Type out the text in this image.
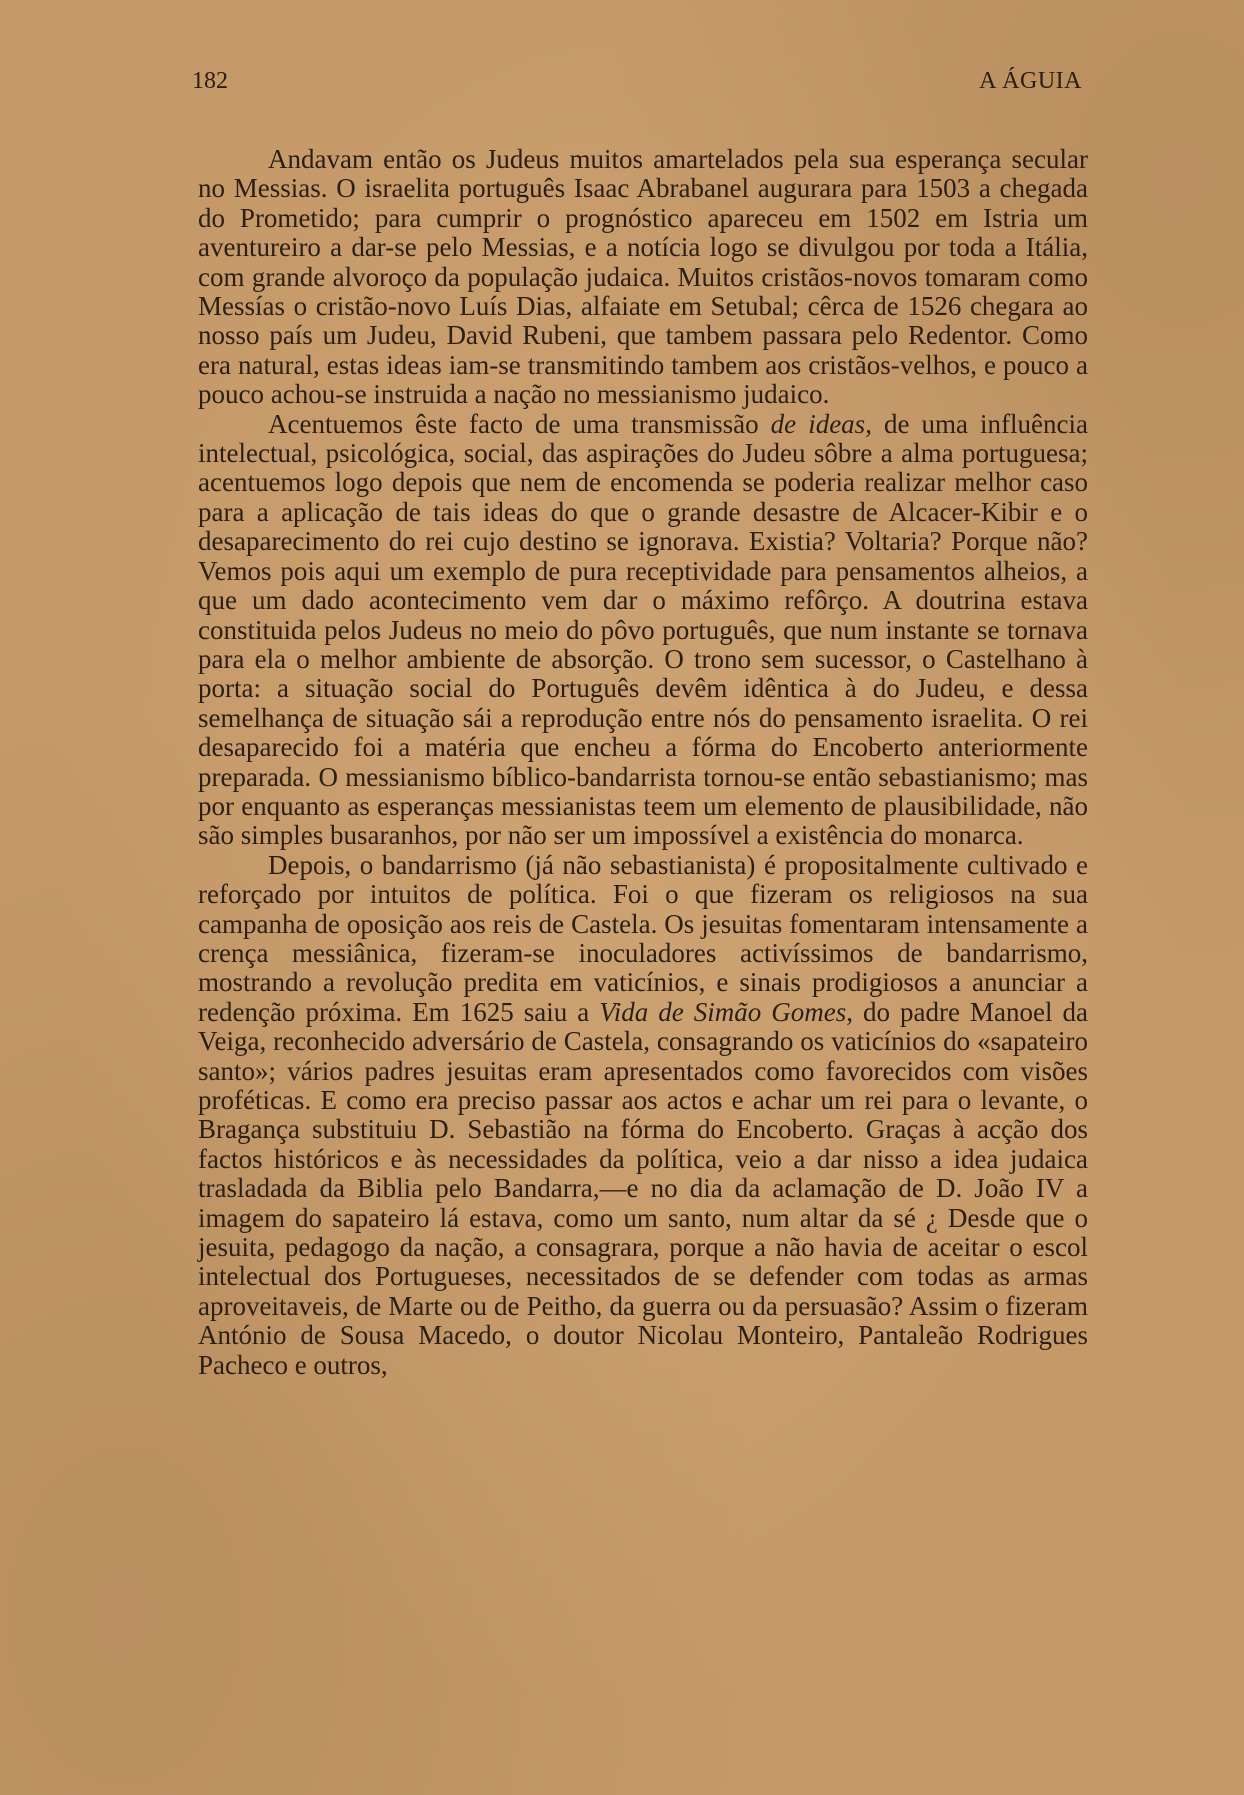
182	A ÁGUIA

Andavam então os Judeus muitos amartelados pela sua esperança secular no Messias. O israelita português Isaac Abrabanel augurara para 1503 a chegada do Prometido; para cumprir o prognóstico apareceu em 1502 em Istria um aventureiro a dar-se pelo Messias, e a notícia logo se divulgou por toda a Itália, com grande alvoroço da população judaica. Muitos cristãos-novos tomaram como Messías o cristão-novo Luís Dias, alfaiate em Setubal; cêrca de 1526 chegara ao nosso país um Judeu, David Rubeni, que tambem passara pelo Redentor. Como era natural, estas ideas iam-se transmitindo tambem aos cristãos-velhos, e pouco a pouco achou-se instruida a nação no messianismo judaico.

Acentuemos êste facto de uma transmissão de ideas, de uma influência intelectual, psicológica, social, das aspirações do Judeu sôbre a alma portuguesa; acentuemos logo depois que nem de encomenda se poderia realizar melhor caso para a aplicação de tais ideas do que o grande desastre de Alcacer-Kibir e o desaparecimento do rei cujo destino se ignorava. Existia? Voltaria? Porque não? Vemos pois aqui um exemplo de pura receptividade para pensamentos alheios, a que um dado acontecimento vem dar o máximo refôrço. A doutrina estava constituida pelos Judeus no meio do pôvo português, que num instante se tornava para ela o melhor ambiente de absorção. O trono sem sucessor, o Castelhano à porta: a situação social do Português devêm idêntica à do Judeu, e dessa semelhança de situação sái a reprodução entre nós do pensamento israelita. O rei desaparecido foi a matéria que encheu a fórma do Encoberto anteriormente preparada. O messianismo bíblico-bandarrista tornou-se então sebastianismo; mas por enquanto as esperanças messianistas teem um elemento de plausibilidade, não são simples busaranhos, por não ser um impossível a existência do monarca.

Depois, o bandarrismo (já não sebastianista) é propositalmente cultivado e reforçado por intuitos de política. Foi o que fizeram os religiosos na sua campanha de oposição aos reis de Castela. Os jesuitas fomentaram intensamente a crença messiânica, fizeram-se inoculadores activíssimos de bandarrismo, mostrando a revolução predita em vaticínios, e sinais prodigiosos a anunciar a redenção próxima. Em 1625 saiu a Vida de Simão Gomes, do padre Manoel da Veiga, reconhecido adversário de Castela, consagrando os vaticínios do «sapateiro santo»; vários padres jesuitas eram apresentados como favorecidos com visões proféticas. E como era preciso passar aos actos e achar um rei para o levante, o Bragança substituiu D. Sebastião na fórma do Encoberto. Graças à acção dos factos históricos e às necessidades da política, veio a dar nisso a idea judaica trasladada da Biblia pelo Bandarra,—e no dia da aclamação de D. João IV a imagem do sapateiro lá estava, como um santo, num altar da sé ¿ Desde que o jesuita, pedagogo da nação, a consagrara, porque a não havia de aceitar o escol intelectual dos Portugueses, necessitados de se defender com todas as armas aproveitaveis, de Marte ou de Peitho, da guerra ou da persuasão? Assim o fizeram António de Sousa Macedo, o doutor Nicolau Monteiro, Pantaleão Rodrigues Pacheco e outros,
